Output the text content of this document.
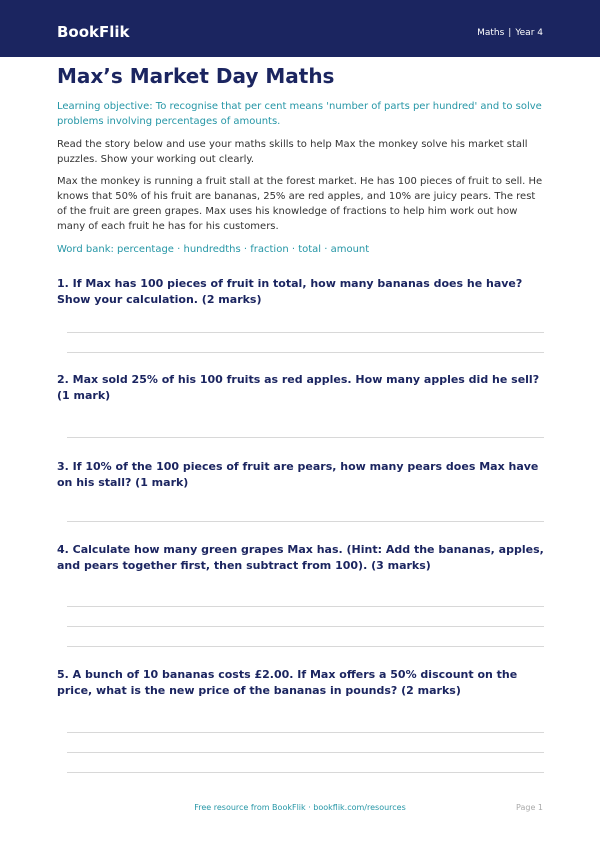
BookFlik	Maths | Year 4
Max’s Market Day Maths

Learning objective: To recognise that per cent means 'number of parts per hundred' and to solve problems involving percentages of amounts.

Read the story below and use your maths skills to help Max the monkey solve his market stall puzzles. Show your working out clearly.

Max the monkey is running a fruit stall at the forest market. He has 100 pieces of fruit to sell. He knows that 50% of his fruit are bananas, 25% are red apples, and 10% are juicy pears. The rest of the fruit are green grapes. Max uses his knowledge of fractions to help him work out how many of each fruit he has for his customers.

Word bank: percentage · hundredths · fraction · total · amount

1. If Max has 100 pieces of fruit in total, how many bananas does he have? Show your calculation. (2 marks)

2. Max sold 25% of his 100 fruits as red apples. How many apples did he sell? (1 mark)

3. If 10% of the 100 pieces of fruit are pears, how many pears does Max have on his stall? (1 mark)

4. Calculate how many green grapes Max has. (Hint: Add the bananas, apples, and pears together first, then subtract from 100). (3 marks)

5. A bunch of 10 bananas costs £2.00. If Max offers a 50% discount on the price, what is the new price of the bananas in pounds? (2 marks)

Free resource from BookFlik · bookflik.com/resources	Page 1
